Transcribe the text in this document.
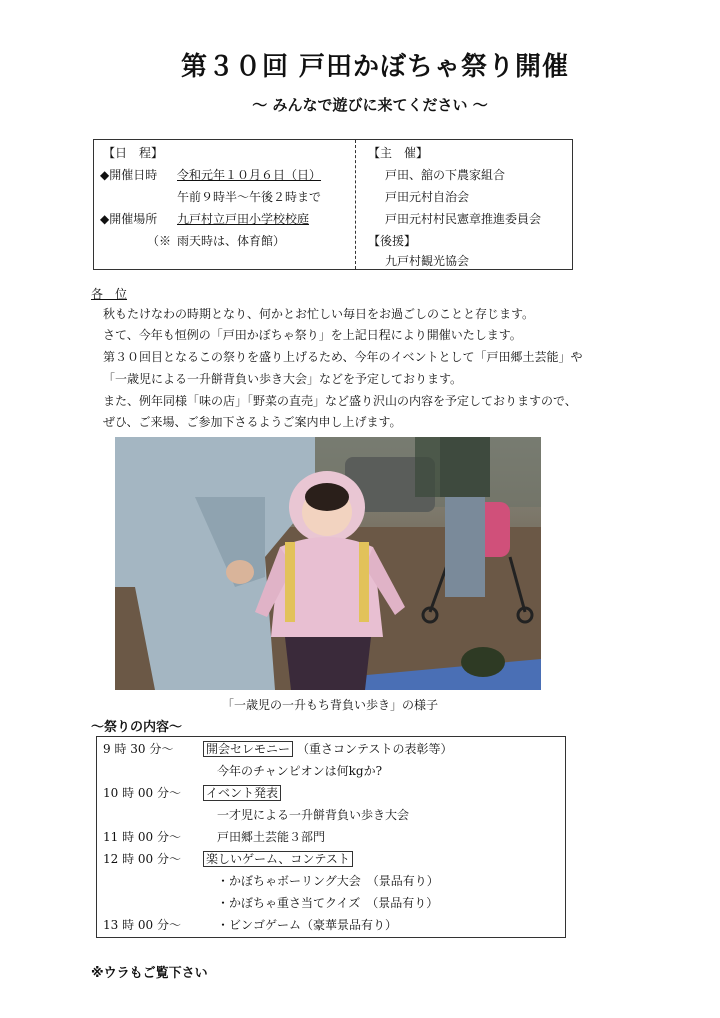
第３０回 戸田かぼちゃ祭り開催
～ みんなで遊びに来てください ～
【日　程】
◆開催日時 令和元年１０月６日（日）
午前９時半～午後２時まで
◆開催場所 九戸村立戸田小学校校庭
（※ 雨天時は、体育館）
【主　催】
戸田、舘の下農家組合
戸田元村自治会
戸田元村村民憲章推進委員会
【後援】
九戸村観光協会
各　位
秋もたけなわの時期となり、何かとお忙しい毎日をお過ごしのことと存じます。
さて、今年も恒例の「戸田かぼちゃ祭り」を上記日程により開催いたします。
第３０回目となるこの祭りを盛り上げるため、今年のイベントとして「戸田郷土芸能」や
「一歳児による一升餅背負い歩き大会」などを予定しております。
また、例年同様「味の店」「野菜の直売」など盛り沢山の内容を予定しておりますので、
ぜひ、ご来場、ご参加下さるようご案内申し上げます。
「一歳児の一升もち背負い歩き」の様子
～祭りの内容～
9 時 30 分～	開会セレモニー （重さコンテストの表彰等）
今年のチャンピオンは何kgか?
10 時 00 分～ イベント発表
一才児による一升餅背負い歩き大会
11 時 00 分～	戸田郷土芸能３部門
12 時 00 分～ 楽しいゲーム、コンテスト
・かぼちゃボーリング大会　（景品有り）
・かぼちゃ重さ当てクイズ　（景品有り）
13 時 00 分～	・ビンゴゲーム（豪華景品有り）
※ウラもご覧下さい
